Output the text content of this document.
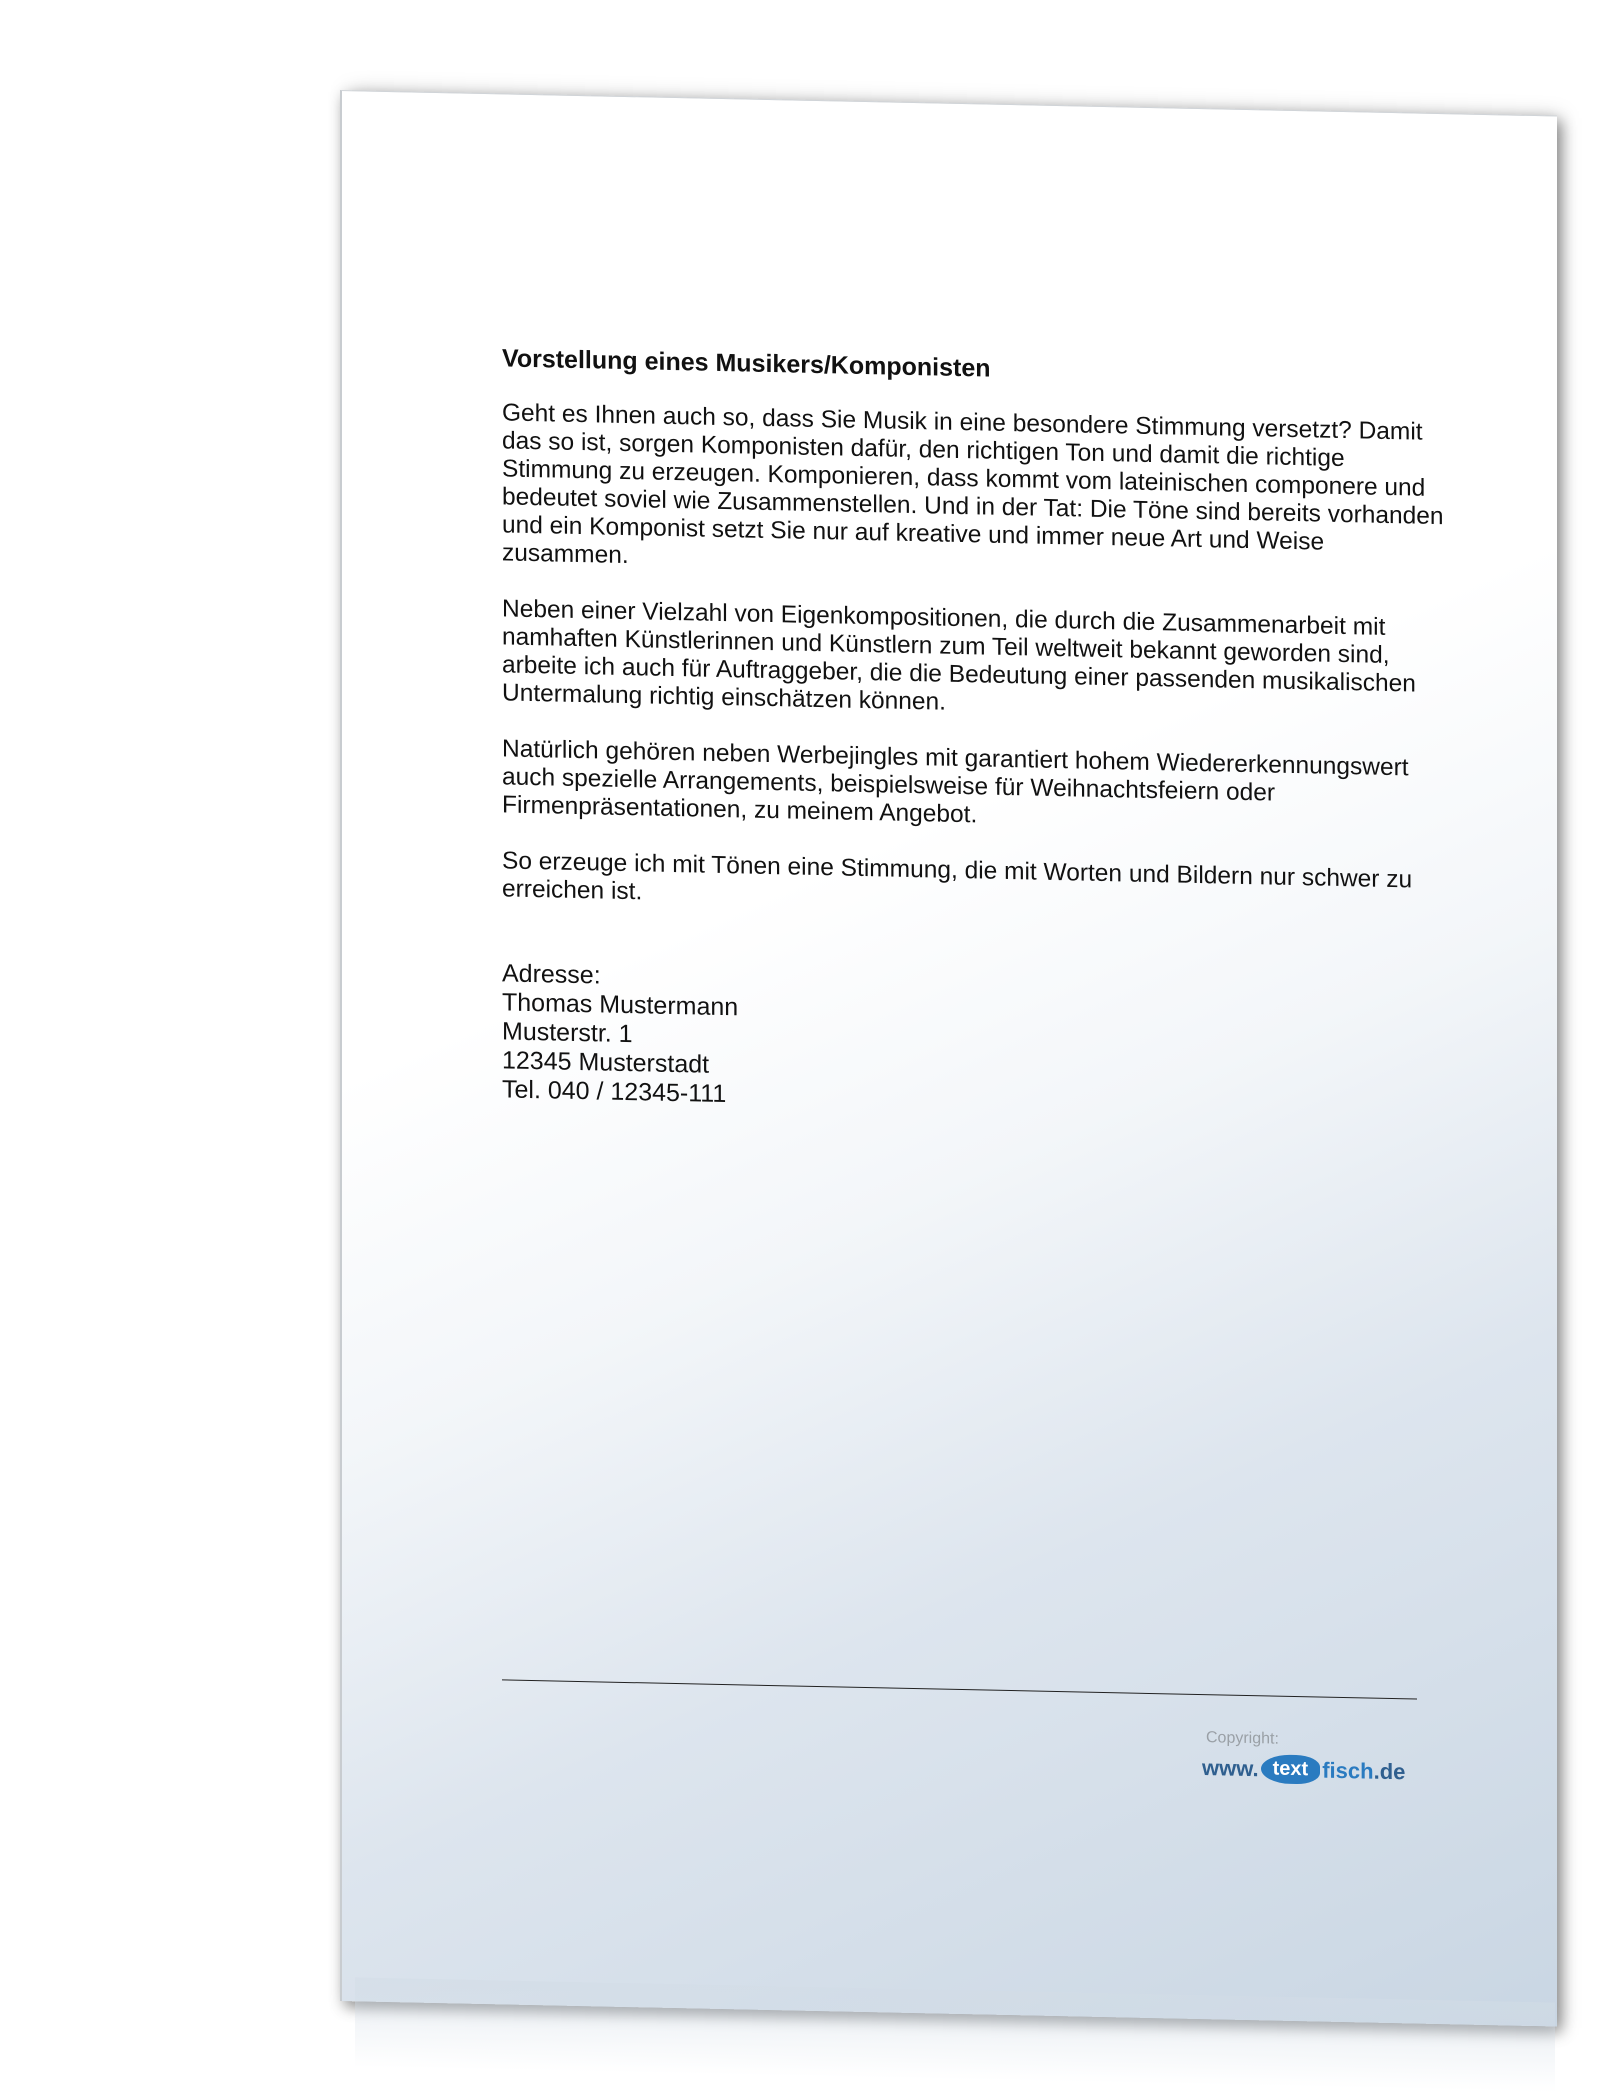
Vorstellung eines Musikers/Komponisten

Geht es Ihnen auch so, dass Sie Musik in eine besondere Stimmung versetzt? Damit das so ist, sorgen Komponisten dafür, den richtigen Ton und damit die richtige Stimmung zu erzeugen. Komponieren, dass kommt vom lateinischen componere und bedeutet soviel wie Zusammenstellen. Und in der Tat: Die Töne sind bereits vorhanden und ein Komponist setzt Sie nur auf kreative und immer neue Art und Weise zusammen.

Neben einer Vielzahl von Eigenkompositionen, die durch die Zusammenarbeit mit namhaften Künstlerinnen und Künstlern zum Teil weltweit bekannt geworden sind, arbeite ich auch für Auftraggeber, die die Bedeutung einer passenden musikalischen Untermalung richtig einschätzen können.

Natürlich gehören neben Werbejingles mit garantiert hohem Wiedererkennungswert auch spezielle Arrangements, beispielsweise für Weihnachtsfeiern oder Firmenpräsentationen, zu meinem Angebot.

So erzeuge ich mit Tönen eine Stimmung, die mit Worten und Bildern nur schwer zu erreichen ist.

Adresse:
Thomas Mustermann
Musterstr. 1
12345 Musterstadt
Tel. 040 / 12345-111
Copyright:
www. text fisch .de
